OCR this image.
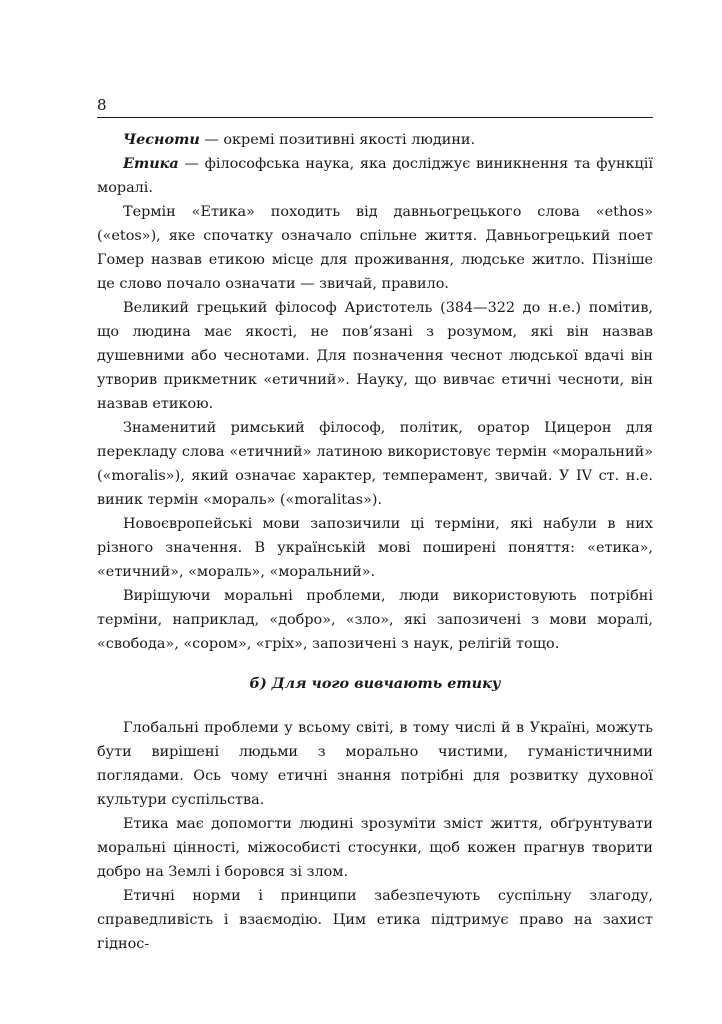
8

Чесноти — окремі позитивні якості людини.

Етика — філософська наука, яка досліджує виникнення та функції моралі.

Термін «Етика» походить від давньогрецького слова «ethos» («etos»), яке спочатку означало спільне життя. Давньогрецький поет Гомер назвав етикою місце для проживання, людське житло. Пізніше це слово почало означати — звичай, правило.

Великий грецький філософ Аристотель (384—322 до н.е.) помітив, що людина має якості, не пов’язані з розумом, які він назвав душевними або чеснотами. Для позначення чеснот людської вдачі він утворив прикметник «етичний». Науку, що вивчає етичні чесноти, він назвав етикою.

Знаменитий римський філософ, політик, оратор Цицерон для перекладу слова «етичний» латиною використовує термін «моральний» («moralis»), який означає характер, темперамент, звичай. У IV ст. н.е. виник термін «мораль» («moralitas»).

Новоєвропейські мови запозичили ці терміни, які набули в них різного значення. В українській мові поширені поняття: «етика», «етичний», «мораль», «моральний».

Вирішуючи моральні проблеми, люди використовують потрібні терміни, наприклад, «добро», «зло», які запозичені з мови моралі, «свобода», «сором», «гріх», запозичені з наук, релігій тощо.

б) Для чого вивчають етику

Глобальні проблеми у всьому світі, в тому числі й в Україні, можуть бути вирішені людьми з морально чистими, гуманістичними поглядами. Ось чому етичні знання потрібні для розвитку духовної культури суспільства.

Етика має допомогти людині зрозуміти зміст життя, обґрунтувати моральні цінності, міжособисті стосунки, щоб кожен прагнув творити добро на Землі і боровся зі злом.

Етичні норми і принципи забезпечують суспільну злагоду, справедливість і взаємодію. Цим етика підтримує право на захист гіднос-
